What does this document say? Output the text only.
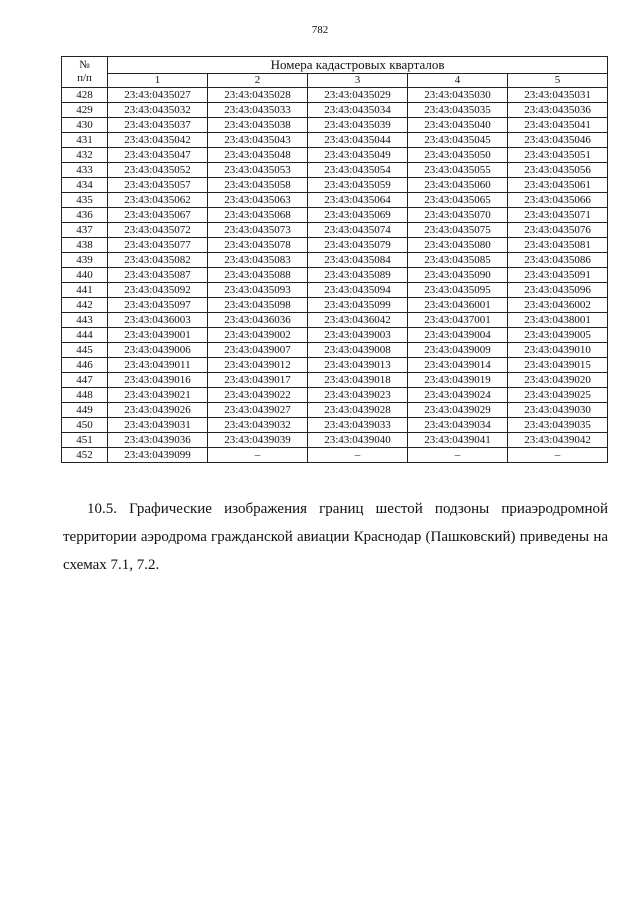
782
№
п/п	Номера кадастровых кварталов				
	1	2	3	4	5
428	23:43:0435027	23:43:0435028	23:43:0435029	23:43:0435030	23:43:0435031
429	23:43:0435032	23:43:0435033	23:43:0435034	23:43:0435035	23:43:0435036
430	23:43:0435037	23:43:0435038	23:43:0435039	23:43:0435040	23:43:0435041
431	23:43:0435042	23:43:0435043	23:43:0435044	23:43:0435045	23:43:0435046
432	23:43:0435047	23:43:0435048	23:43:0435049	23:43:0435050	23:43:0435051
433	23:43:0435052	23:43:0435053	23:43:0435054	23:43:0435055	23:43:0435056
434	23:43:0435057	23:43:0435058	23:43:0435059	23:43:0435060	23:43:0435061
435	23:43:0435062	23:43:0435063	23:43:0435064	23:43:0435065	23:43:0435066
436	23:43:0435067	23:43:0435068	23:43:0435069	23:43:0435070	23:43:0435071
437	23:43:0435072	23:43:0435073	23:43:0435074	23:43:0435075	23:43:0435076
438	23:43:0435077	23:43:0435078	23:43:0435079	23:43:0435080	23:43:0435081
439	23:43:0435082	23:43:0435083	23:43:0435084	23:43:0435085	23:43:0435086
440	23:43:0435087	23:43:0435088	23:43:0435089	23:43:0435090	23:43:0435091
441	23:43:0435092	23:43:0435093	23:43:0435094	23:43:0435095	23:43:0435096
442	23:43:0435097	23:43:0435098	23:43:0435099	23:43:0436001	23:43:0436002
443	23:43:0436003	23:43:0436036	23:43:0436042	23:43:0437001	23:43:0438001
444	23:43:0439001	23:43:0439002	23:43:0439003	23:43:0439004	23:43:0439005
445	23:43:0439006	23:43:0439007	23:43:0439008	23:43:0439009	23:43:0439010
446	23:43:0439011	23:43:0439012	23:43:0439013	23:43:0439014	23:43:0439015
447	23:43:0439016	23:43:0439017	23:43:0439018	23:43:0439019	23:43:0439020
448	23:43:0439021	23:43:0439022	23:43:0439023	23:43:0439024	23:43:0439025
449	23:43:0439026	23:43:0439027	23:43:0439028	23:43:0439029	23:43:0439030
450	23:43:0439031	23:43:0439032	23:43:0439033	23:43:0439034	23:43:0439035
451	23:43:0439036	23:43:0439039	23:43:0439040	23:43:0439041	23:43:0439042
452	23:43:0439099	–	–	–	–
10.5. Графические изображения границ шестой подзоны приаэродромной
территории аэродрома гражданской авиации Краснодар (Пашковский) приведены на
схемах 7.1, 7.2.
